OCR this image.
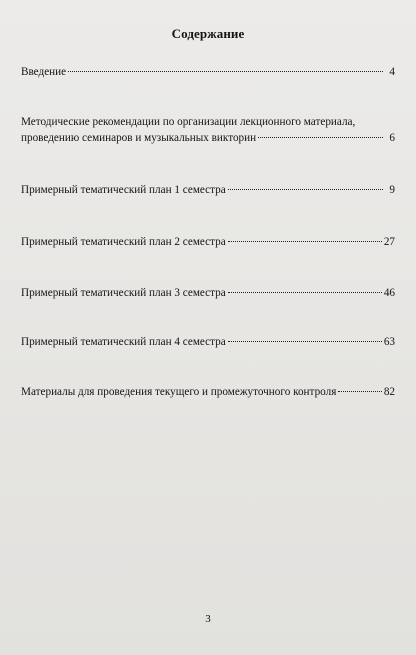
Содержание
Введение	4
Методические рекомендации по организации лекционного материала,
проведению семинаров и музыкальных викторин	6
Примерный тематический план 1 семестра	9
Примерный тематический план 2 семестра	27
Примерный тематический план 3 семестра	46
Примерный тематический план 4 семестра	63
Материалы для проведения текущего и промежуточного контроля	82
3
